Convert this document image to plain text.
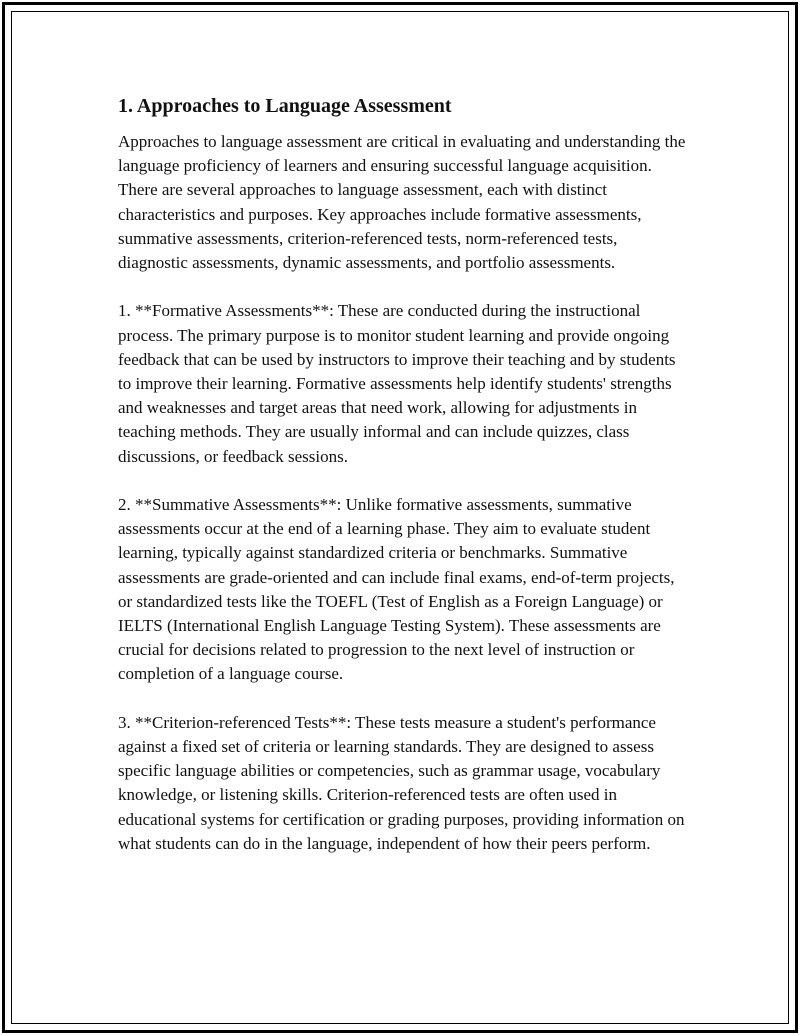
1. Approaches to Language Assessment

Approaches to language assessment are critical in evaluating and understanding the language proficiency of learners and ensuring successful language acquisition. There are several approaches to language assessment, each with distinct characteristics and purposes. Key approaches include formative assessments, summative assessments, criterion-referenced tests, norm-referenced tests, diagnostic assessments, dynamic assessments, and portfolio assessments.

1. **Formative Assessments**: These are conducted during the instructional process. The primary purpose is to monitor student learning and provide ongoing feedback that can be used by instructors to improve their teaching and by students to improve their learning. Formative assessments help identify students' strengths and weaknesses and target areas that need work, allowing for adjustments in teaching methods. They are usually informal and can include quizzes, class discussions, or feedback sessions.

2. **Summative Assessments**: Unlike formative assessments, summative assessments occur at the end of a learning phase. They aim to evaluate student learning, typically against standardized criteria or benchmarks. Summative assessments are grade-oriented and can include final exams, end-of-term projects, or standardized tests like the TOEFL (Test of English as a Foreign Language) or IELTS (International English Language Testing System). These assessments are crucial for decisions related to progression to the next level of instruction or completion of a language course.

3. **Criterion-referenced Tests**: These tests measure a student's performance against a fixed set of criteria or learning standards. They are designed to assess specific language abilities or competencies, such as grammar usage, vocabulary knowledge, or listening skills. Criterion-referenced tests are often used in educational systems for certification or grading purposes, providing information on what students can do in the language, independent of how their peers perform.
